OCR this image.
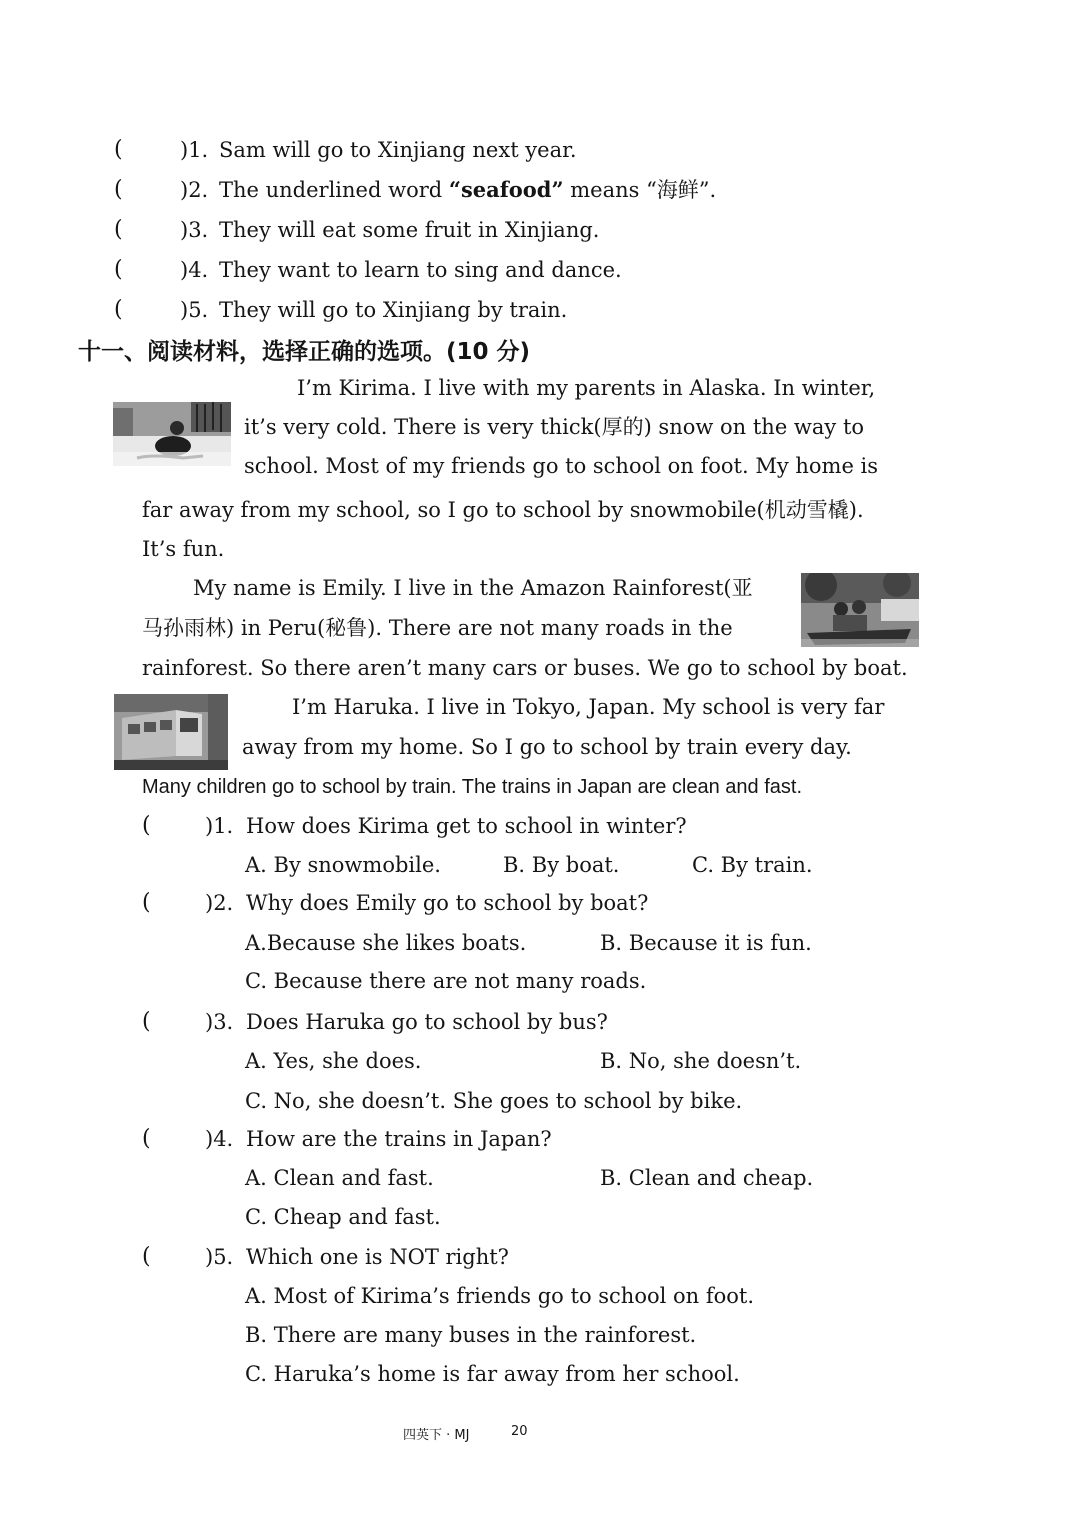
(	)1. Sam will go to Xinjiang next year.
(	)2. The underlined word “seafood” means “海鲜”.
(	)3. They will eat some fruit in Xinjiang.
(	)4. They want to learn to sing and dance.
(	)5. They will go to Xinjiang by train.
十一、阅读材料，选择正确的选项。(10 分)
I’m Kirima. I live with my parents in Alaska. In winter,
it’s very cold. There is very thick(厚的) snow on the way to
school. Most of my friends go to school on foot. My home is
far away from my school, so I go to school by snowmobile(机动雪橇).
It’s fun.
My name is Emily. I live in the Amazon Rainforest(亚
马孙雨林) in Peru(秘鲁). There are not many roads in the
rainforest. So there aren’t many cars or buses. We go to school by boat.
I’m Haruka. I live in Tokyo, Japan. My school is very far
away from my home. So I go to school by train every day.
Many children go to school by train. The trains in Japan are clean and fast.
(	)1. How does Kirima get to school in winter?
A. By snowmobile.	B. By boat.	C. By train.
(	)2. Why does Emily go to school by boat?
A.Because she likes boats.	B. Because it is fun.
C. Because there are not many roads.
(	)3. Does Haruka go to school by bus?
A. Yes, she does.	B. No, she doesn’t.
C. No, she doesn’t. She goes to school by bike.
(	)4. How are the trains in Japan?
A. Clean and fast.	B. Clean and cheap.
C. Cheap and fast.
(	)5. Which one is NOT right?
A. Most of Kirima’s friends go to school on foot.
B. There are many buses in the rainforest.
C. Haruka’s home is far away from her school.
四英下 · MJ	20
